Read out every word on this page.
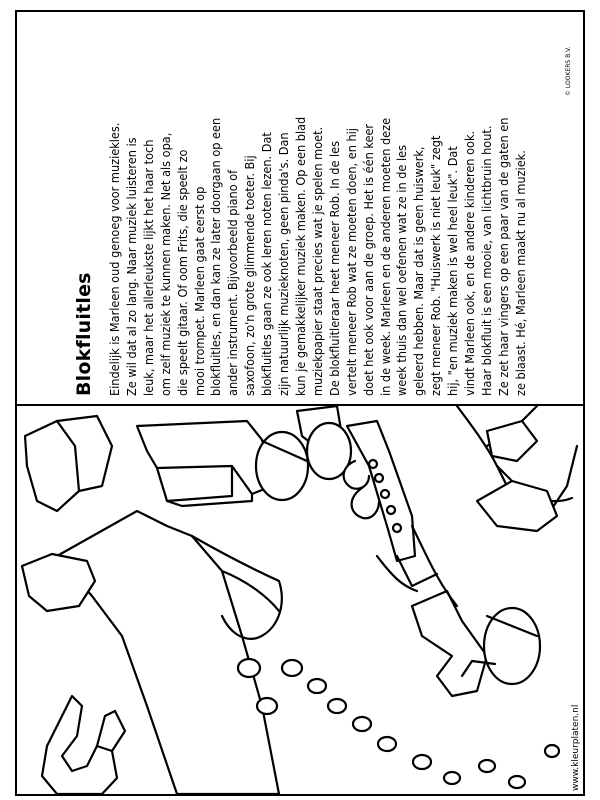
Blokfluitles Eindelijk is Marleen oud genoeg voor muziekles. Ze wil dat al zo lang. Naar muziek luisteren is leuk, maar het allerleukste lijkt het haar toch om zelf muziek te kunnen maken. Net als opa, die speelt gitaar. Of oom Frits, die speelt zo mooi trompet. Marleen gaat eerst op blokfluitles, en dan kan ze later doorgaan op een ander instrument. Bijvoorbeeld piano of saxofoon, zo'n grote glimmende toeter. Bij blokfluitles gaan ze ook leren noten lezen. Dat zijn natuurlijk muzieknoten, geen pinda's. Dan kun je gemakkelijker muziek maken. Op een blad muziekpapier staat precies wat je spelen moet. De blokfluitleraar heet meneer Rob. In de les vertelt meneer Rob wat ze moeten doen, en hij doet het ook voor aan de groep. Het is één keer in de week. Marleen en de anderen moeten deze week thuis dan wel oefenen wat ze in de les geleerd hebben. Maar dat is geen huiswerk, zegt meneer Rob. "Huiswerk is niet leuk" zegt hij, "en muziek maken is wel heel leuk". Dat vindt Marleen ook, en de andere kinderen ook. Haar blokfluit is een mooie, van lichtbruin hout. Ze zet haar vingers op een paar van de gaten en ze blaast. Hé, Marleen maakt nu al muziek.
© LOOKERS B.V.
www.kleurplaten.nl
